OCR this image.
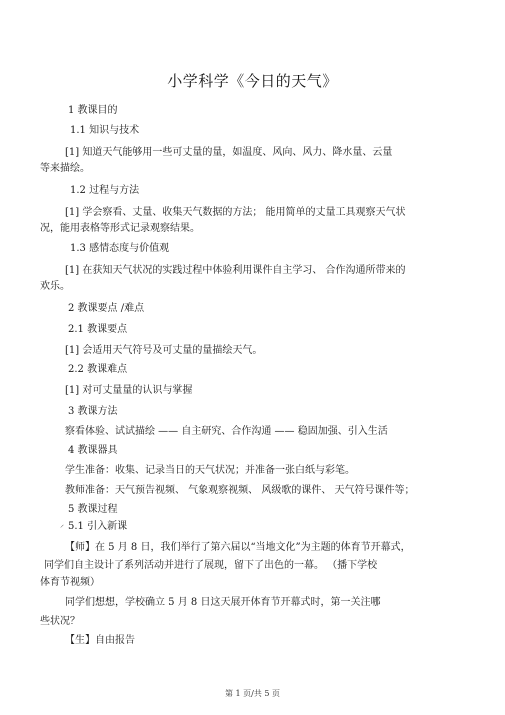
小学科学《今日的天气》
1 教课目的
1.1 知识与技术
[1] 知道天气能够用一些可丈量的量，如温度、风向、风力、降水量、云量
等来描绘。
1.2 过程与方法
[1] 学会察看、丈量、收集天气数据的方法； 能用简单的丈量工具观察天气状
况，能用表格等形式记录观察结果。
1.3 感情态度与价值观
[1] 在获知天气状况的实践过程中体验利用课件自主学习、 合作沟通所带来的
欢乐。
2 教课要点 /难点
2.1 教课要点
[1] 会适用天气符号及可丈量的量描绘天气。
2.2 教课难点
[1] 对可丈量量的认识与掌握
3 教课方法
察看体验、试试描绘 —— 自主研究、合作沟通 —— 稳固加强、引入生活
4 教课器具
学生准备：收集、记录当日的天气状况；并准备一张白纸与彩笔。
教师准备：天气预告视频、 气象观察视频、 风级歌的课件、 天气符号课件等；
5 教课过程
⸝ 5.1 引入新课
【师】在 5 月 8 日，我们举行了第六届以“当地文化”为主题的体育节开幕式，
同学们自主设计了系列活动并进行了展现，留下了出色的一幕。 （播下学校
体育节视频）
同学们想想，学校确立 5 月 8 日这天展开体育节开幕式时，第一关注哪
些状况？
【生】自由报告
第 1 页/共 5 页
